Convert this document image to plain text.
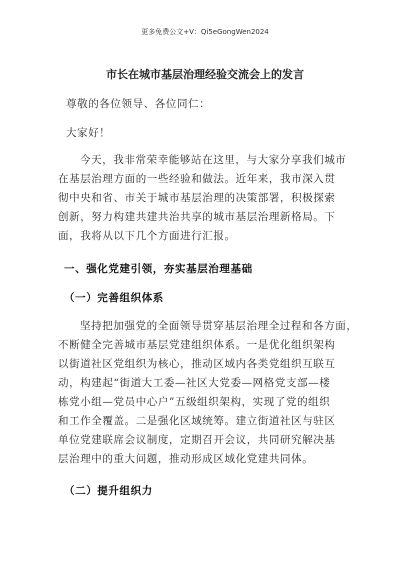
更多免费公文+V：Qi5eGongWen2024
市长在城市基层治理经验交流会上的发言
尊敬的各位领导、各位同仁：
大家好！
今天，我非常荣幸能够站在这里，与大家分享我们城市
在基层治理方面的一些经验和做法。近年来，我市深入贯
彻中央和省、市关于城市基层治理的决策部署，积极探索
创新，努力构建共建共治共享的城市基层治理新格局。下
面，我将从以下几个方面进行汇报。
一、强化党建引领，夯实基层治理基础
（一）完善组织体系
坚持把加强党的全面领导贯穿基层治理全过程和各方面，
不断健全完善城市基层党建组织体系。一是优化组织架构
以街道社区党组织为核心，推动区域内各类党组织互联互
动，构建起“街道大工委—社区大党委—网格党支部—楼
栋党小组—党员中心户”五级组织架构，实现了党的组织
和工作全覆盖。二是强化区域统筹。建立街道社区与驻区
单位党建联席会议制度，定期召开会议，共同研究解决基
层治理中的重大问题，推动形成区域化党建共同体。
（二）提升组织力
